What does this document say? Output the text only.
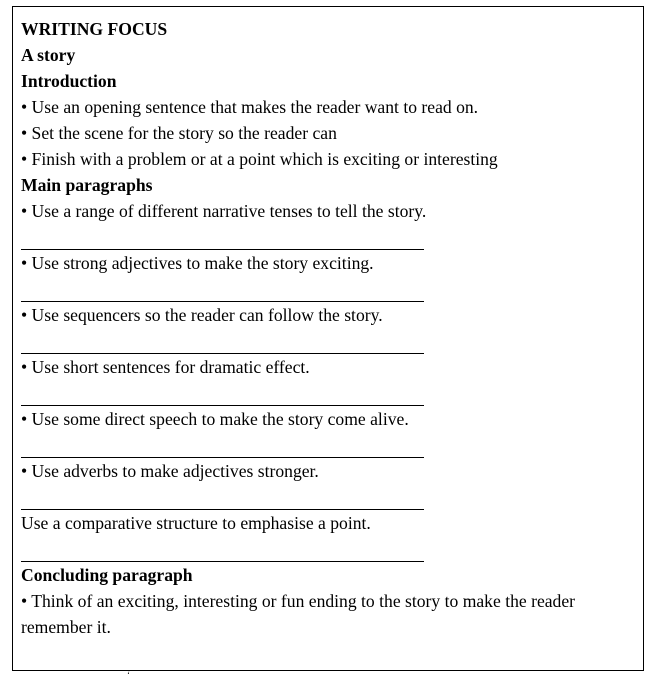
WRITING FOCUS
A story
Introduction
• Use an opening sentence that makes the reader want to read on.
• Set the scene for the story so the reader can
• Finish with a problem or at a point which is exciting or interesting
Main paragraphs
• Use a range of different narrative tenses to tell the story.
• Use strong adjectives to make the story exciting.
• Use sequencers so the reader can follow the story.
• Use short sentences for dramatic effect.
• Use some direct speech to make the story come alive.
• Use adverbs to make adjectives stronger.
Use a comparative structure to emphasise a point.
Concluding paragraph
• Think of an exciting, interesting or fun ending to the story to make the reader remember it.
ʻ
